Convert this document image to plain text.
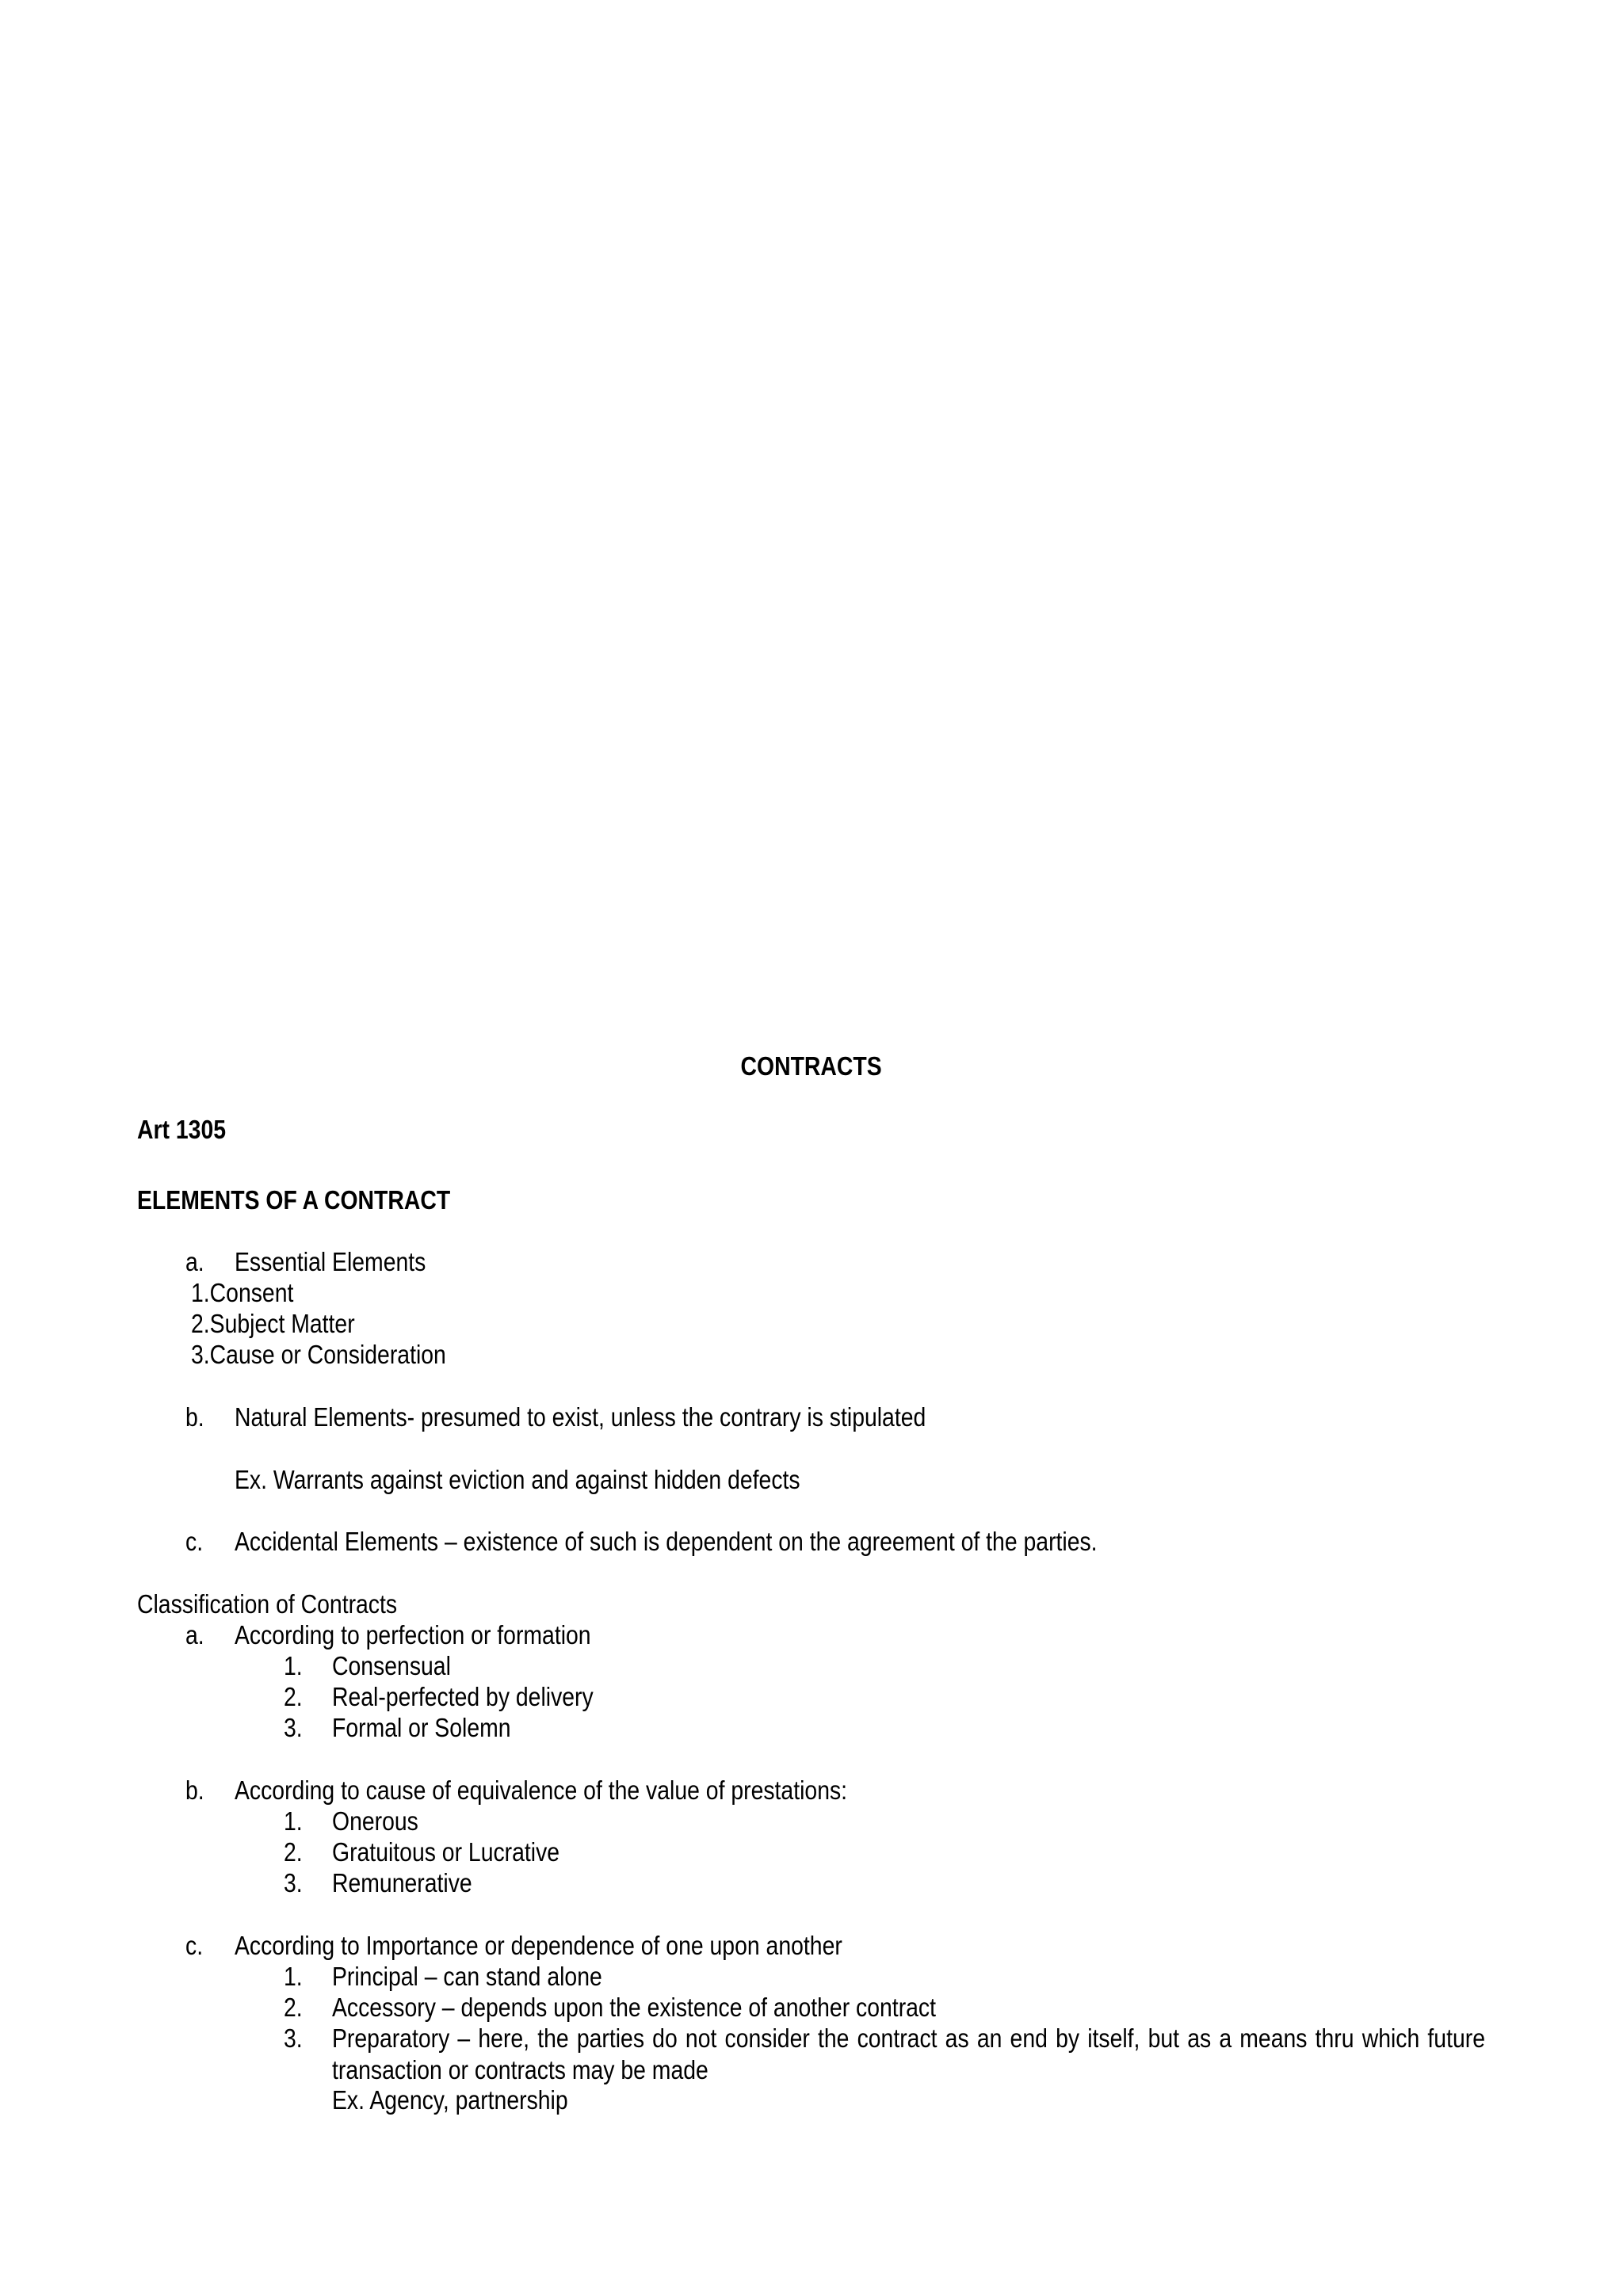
CONTRACTS
Art 1305
ELEMENTS OF A CONTRACT
a. Essential Elements
1.Consent
2.Subject Matter
3.Cause or Consideration
b. Natural Elements- presumed to exist, unless the contrary is stipulated
Ex. Warrants against eviction and against hidden defects
c. Accidental Elements – existence of such is dependent on the agreement of the parties.
Classification of Contracts
a. According to perfection or formation
1. Consensual
2. Real-perfected by delivery
3. Formal or Solemn
b. According to cause of equivalence of the value of prestations:
1. Onerous
2. Gratuitous or Lucrative
3. Remunerative
c. According to Importance or dependence of one upon another
1. Principal – can stand alone
2. Accessory – depends upon the existence of another contract
3. Preparatory – here, the parties do not consider the contract as an end by itself, but as a means thru which future transaction or contracts may be made
Ex. Agency, partnership
